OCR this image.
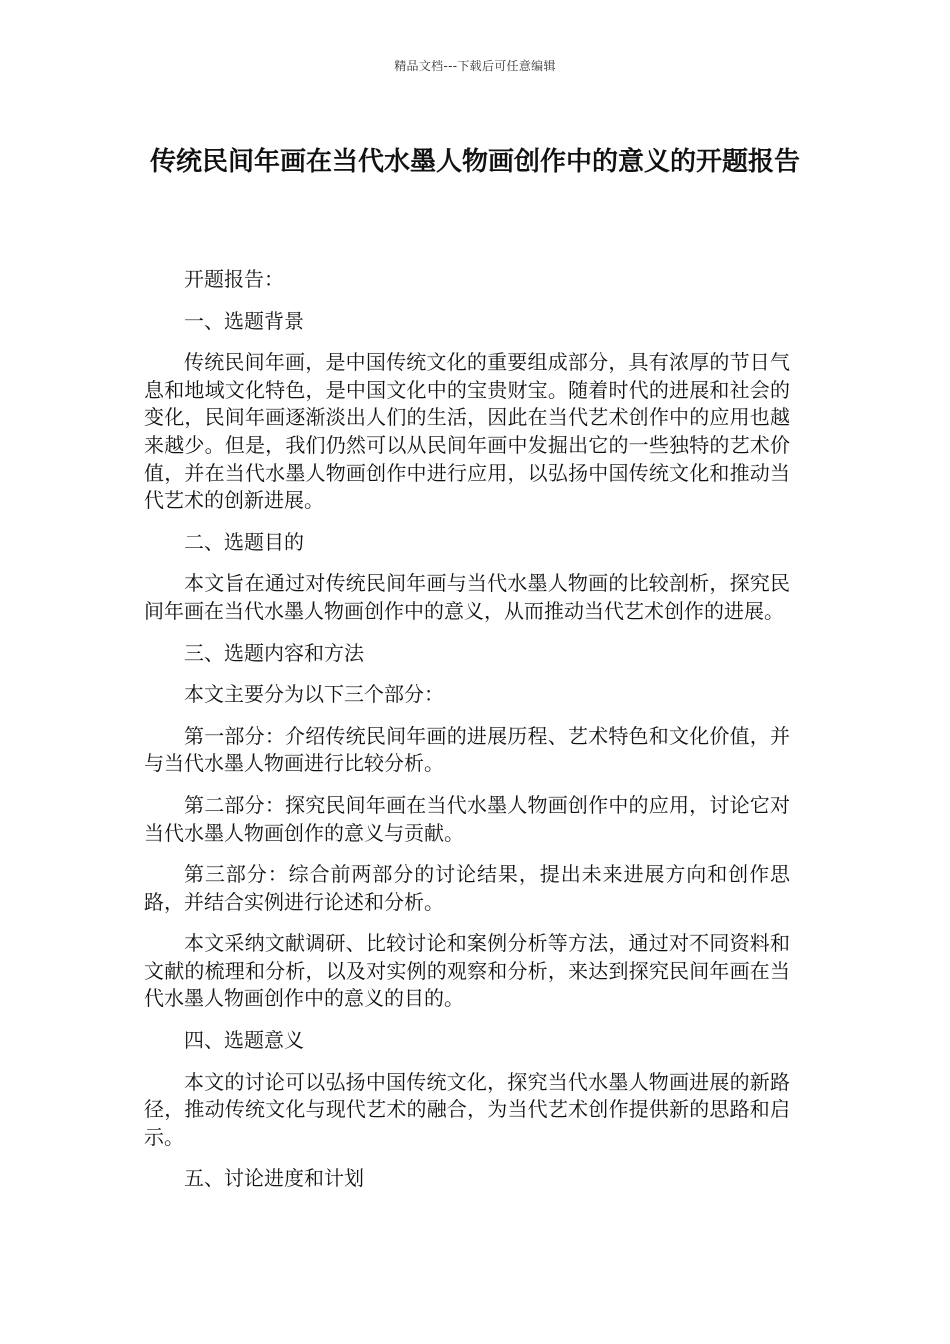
精品文档---下载后可任意编辑
传统民间年画在当代水墨人物画创作中的意义的开题报告

开题报告：

一、选题背景

传统民间年画，是中国传统文化的重要组成部分，具有浓厚的节日气息和地域文化特色，是中国文化中的宝贵财宝。随着时代的进展和社会的变化，民间年画逐渐淡出人们的生活，因此在当代艺术创作中的应用也越来越少。但是，我们仍然可以从民间年画中发掘出它的一些独特的艺术价值，并在当代水墨人物画创作中进行应用，以弘扬中国传统文化和推动当代艺术的创新进展。

二、选题目的

本文旨在通过对传统民间年画与当代水墨人物画的比较剖析，探究民间年画在当代水墨人物画创作中的意义，从而推动当代艺术创作的进展。

三、选题内容和方法

本文主要分为以下三个部分：

第一部分：介绍传统民间年画的进展历程、艺术特色和文化价值，并与当代水墨人物画进行比较分析。

第二部分：探究民间年画在当代水墨人物画创作中的应用，讨论它对当代水墨人物画创作的意义与贡献。

第三部分：综合前两部分的讨论结果，提出未来进展方向和创作思路，并结合实例进行论述和分析。

本文采纳文献调研、比较讨论和案例分析等方法，通过对不同资料和文献的梳理和分析，以及对实例的观察和分析，来达到探究民间年画在当代水墨人物画创作中的意义的目的。

四、选题意义

本文的讨论可以弘扬中国传统文化，探究当代水墨人物画进展的新路径，推动传统文化与现代艺术的融合，为当代艺术创作提供新的思路和启示。

五、讨论进度和计划
